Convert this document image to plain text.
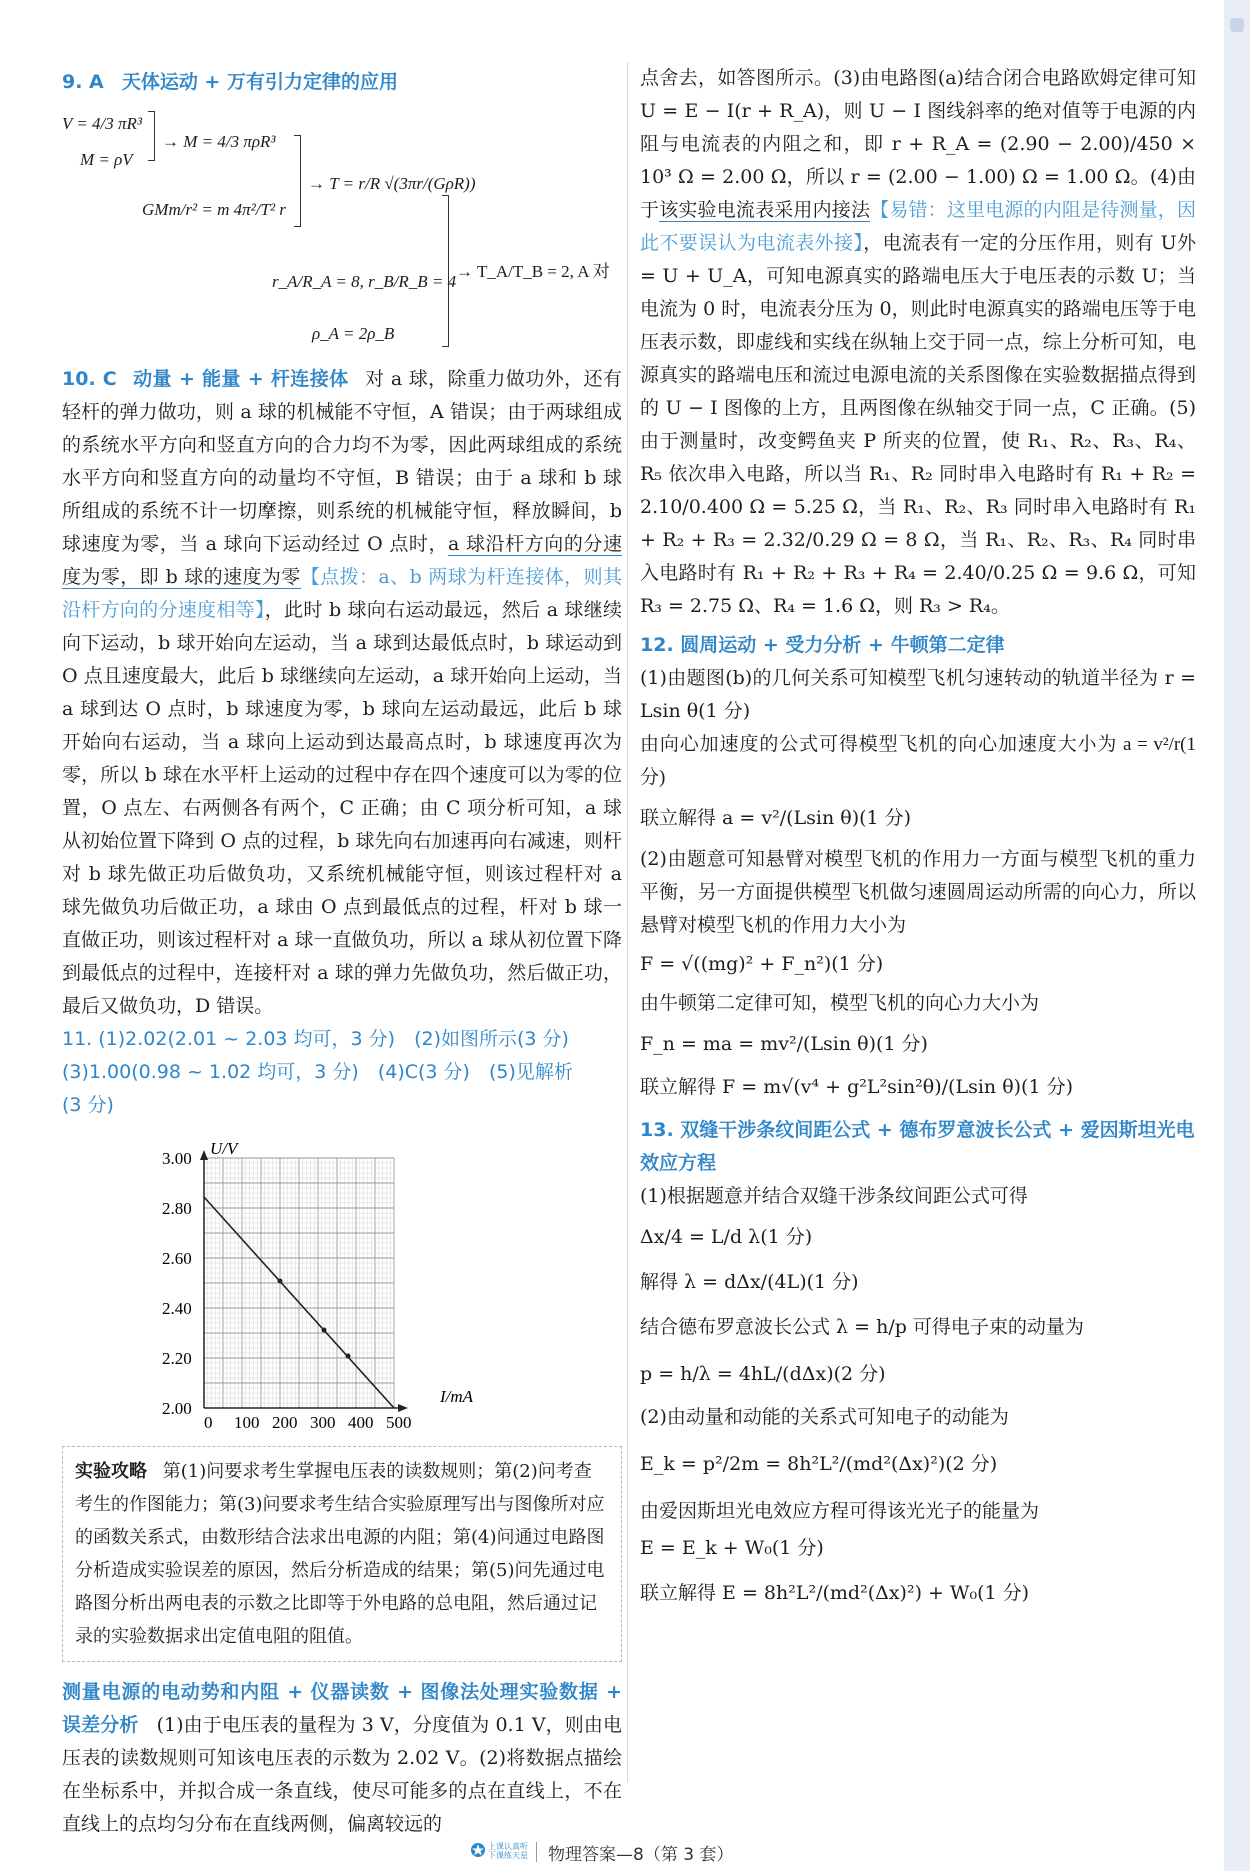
9. A 天体运动 + 万有引力定律的应用

V = 4/3 πR³
M = ρV
→ M = 4/3 πρR³
GMm/r² = m 4π²/T² r
→ T = r/R √(3πr/(GρR))
r_A/R_A = 8, r_B/R_B = 4
ρ_A = 2ρ_B
→ T_A/T_B = 2, A 对

10. C 动量 + 能量 + 杆连接体 对 a 球，除重力做功外，还有轻杆的弹力做功，则 a 球的机械能不守恒，A 错误；由于两球组成的系统水平方向和竖直方向的合力均不为零，因此两球组成的系统水平方向和竖直方向的动量均不守恒，B 错误；由于 a 球和 b 球所组成的系统不计一切摩擦，则系统的机械能守恒，释放瞬间，b 球速度为零，当 a 球向下运动经过 O 点时，a 球沿杆方向的分速度为零，即 b 球的速度为零【点拨：a、b 两球为杆连接体，则其沿杆方向的分速度相等】，此时 b 球向右运动最远，然后 a 球继续向下运动，b 球开始向左运动，当 a 球到达最低点时，b 球运动到 O 点且速度最大，此后 b 球继续向左运动，a 球开始向上运动，当 a 球到达 O 点时，b 球速度为零，b 球向左运动最远，此后 b 球开始向右运动，当 a 球向上运动到达最高点时，b 球速度再次为零，所以 b 球在水平杆上运动的过程中存在四个速度可以为零的位置，O 点左、右两侧各有两个，C 正确；由 C 项分析可知，a 球从初始位置下降到 O 点的过程，b 球先向右加速再向右减速，则杆对 b 球先做正功后做负功，又系统机械能守恒，则该过程杆对 a 球先做负功后做正功，a 球由 O 点到最低点的过程，杆对 b 球一直做正功，则该过程杆对 a 球一直做负功，所以 a 球从初位置下降到最低点的过程中，连接杆对 a 球的弹力先做负功，然后做正功，最后又做负功，D 错误。

11. (1)2.02(2.01 ~ 2.03 均可，3 分)　(2)如图所示(3 分)
(3)1.00(0.98 ~ 1.02 均可，3 分)　(4)C(3 分)　(5)见解析
(3 分)

U/V
I/mA
3.00
2.80
2.60
2.40
2.20
2.00
0 100 200 300 400 500
实验攻略 第(1)问要求考生掌握电压表的读数规则；第(2)问考查考生的作图能力；第(3)问要求考生结合实验原理写出与图像所对应的函数关系式，由数形结合法求出电源的内阻；第(4)问通过电路图分析造成实验误差的原因，然后分析造成的结果；第(5)问先通过电路图分析出两电表的示数之比即等于外电路的总电阻，然后通过记录的实验数据求出定值电阻的阻值。

测量电源的电动势和内阻 + 仪器读数 + 图像法处理实验数据 + 误差分析 (1)由于电压表的量程为 3 V，分度值为 0.1 V，则由电压表的读数规则可知该电压表的示数为 2.02 V。(2)将数据点描绘在坐标系中，并拟合成一条直线，使尽可能多的点在直线上，不在直线上的点均匀分布在直线两侧，偏离较远的

点舍去，如答图所示。(3)由电路图(a)结合闭合电路欧姆定律可知 U = E − I(r + R_A)，则 U − I 图线斜率的绝对值等于电源的内阻与电流表的内阻之和，即 r + R_A = (2.90 − 2.00)/450 × 10³ Ω = 2.00 Ω，所以 r = (2.00 − 1.00) Ω = 1.00 Ω。(4)由于该实验电流表采用内接法【易错：这里电源的内阻是待测量，因此不要误认为电流表外接】，电流表有一定的分压作用，则有 U外 = U + U_A，可知电源真实的路端电压大于电压表的示数 U；当电流为 0 时，电流表分压为 0，则此时电源真实的路端电压等于电压表示数，即虚线和实线在纵轴上交于同一点，综上分析可知，电源真实的路端电压和流过电源电流的关系图像在实验数据描点得到的 U − I 图像的上方，且两图像在纵轴交于同一点，C 正确。(5)由于测量时，改变鳄鱼夹 P 所夹的位置，使 R₁、R₂、R₃、R₄、R₅ 依次串入电路，所以当 R₁、R₂ 同时串入电路时有 R₁ + R₂ = 2.10/0.400 Ω = 5.25 Ω，当 R₁、R₂、R₃ 同时串入电路时有 R₁ + R₂ + R₃ = 2.32/0.29 Ω = 8 Ω，当 R₁、R₂、R₃、R₄ 同时串入电路时有 R₁ + R₂ + R₃ + R₄ = 2.40/0.25 Ω = 9.6 Ω，可知 R₃ = 2.75 Ω、R₄ = 1.6 Ω，则 R₃ > R₄。

12. 圆周运动 + 受力分析 + 牛顿第二定律

(1)由题图(b)的几何关系可知模型飞机匀速转动的轨道半径为 r = Lsin θ(1 分)

由向心加速度的公式可得模型飞机的向心加速度大小为 a = v²/r(1 分)

联立解得 a = v²/(Lsin θ)(1 分)

(2)由题意可知悬臂对模型飞机的作用力一方面与模型飞机的重力平衡，另一方面提供模型飞机做匀速圆周运动所需的向心力，所以悬臂对模型飞机的作用力大小为

F = √((mg)² + F_n²)(1 分)

由牛顿第二定律可知，模型飞机的向心力大小为

F_n = ma = mv²/(Lsin θ)(1 分)

联立解得 F = m√(v⁴ + g²L²sin²θ)/(Lsin θ)(1 分)

13. 双缝干涉条纹间距公式 + 德布罗意波长公式 + 爱因斯坦光电效应方程

(1)根据题意并结合双缝干涉条纹间距公式可得

Δx/4 = L/d λ(1 分)

解得 λ = dΔx/(4L)(1 分)

结合德布罗意波长公式 λ = h/p 可得电子束的动量为

p = h/λ = 4hL/(dΔx)(2 分)

(2)由动量和动能的关系式可知电子的动能为

E_k = p²/2m = 8h²L²/(md²(Δx)²)(2 分)

由爱因斯坦光电效应方程可得该光光子的能量为

E = E_k + W₀(1 分)

联立解得 E = 8h²L²/(md²(Δx)²) + W₀(1 分)

上课认真听
下课练天星 物理答案—8（第 3 套）
